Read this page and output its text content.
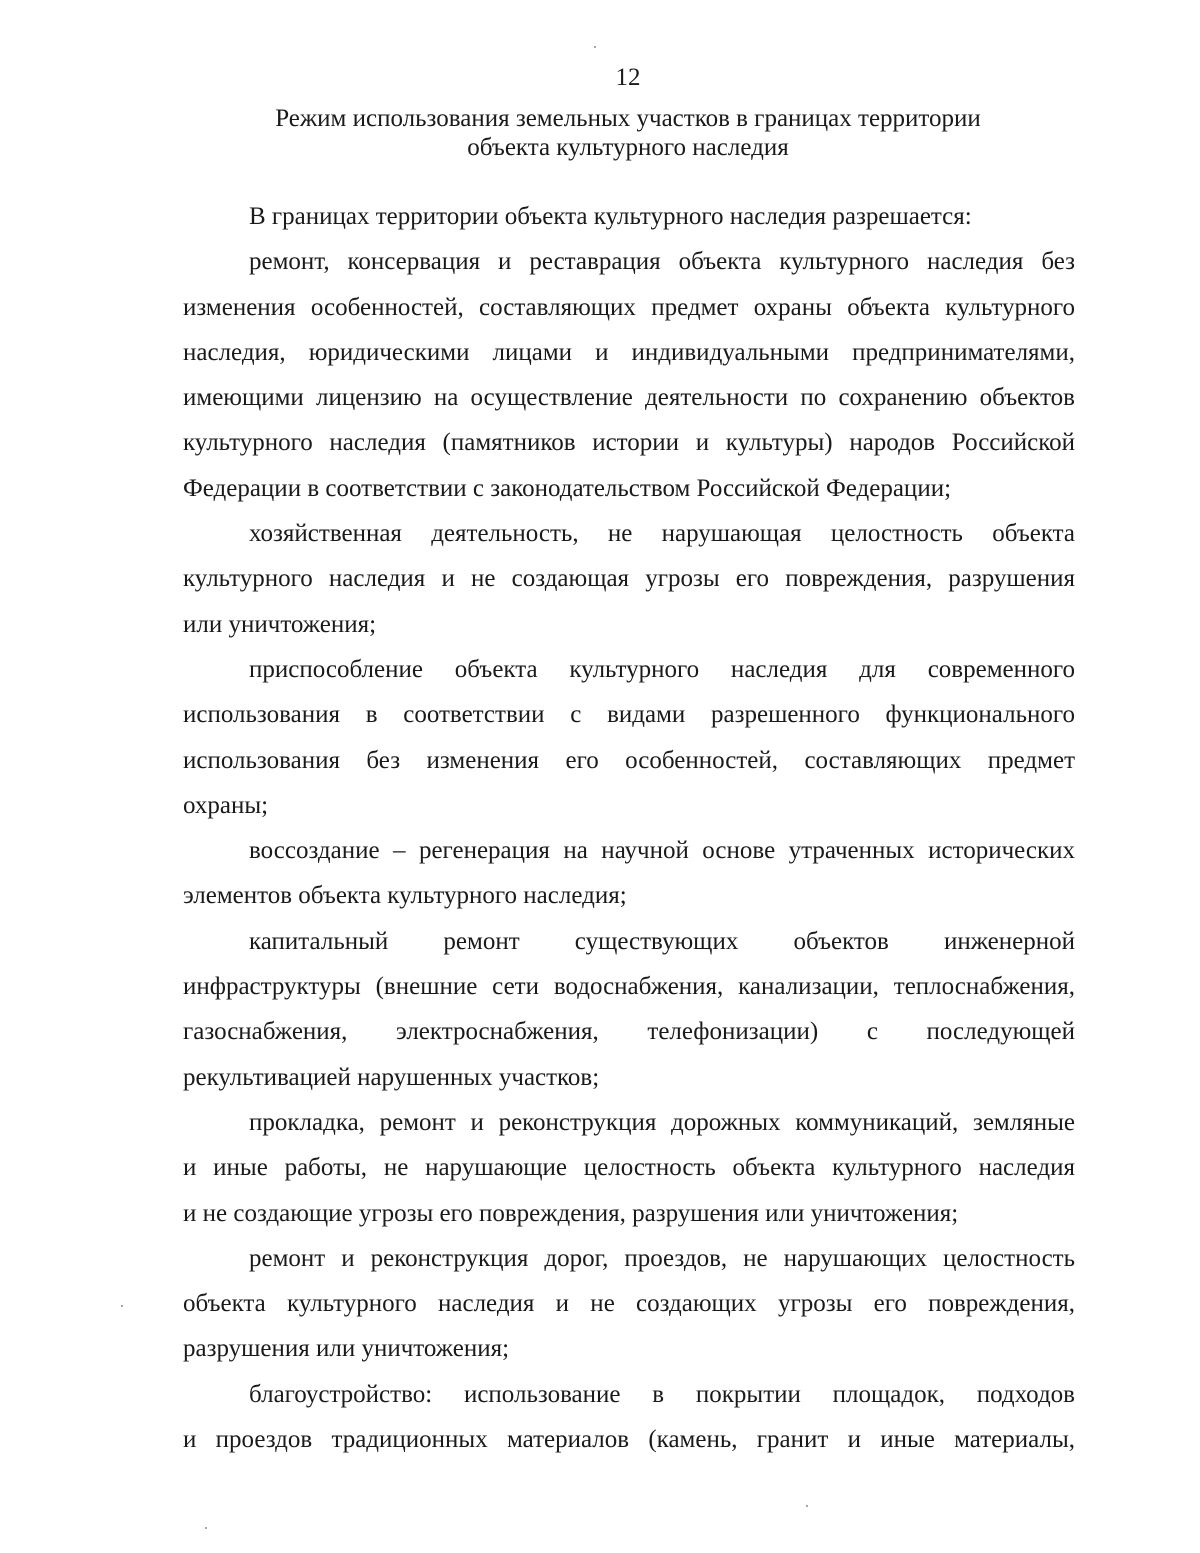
12
Режим использования земельных участков в границах территории
объекта культурного наследия
В границах территории объекта культурного наследия разрешается:
ремонт, консервация и реставрация объекта культурного наследия без
изменения особенностей, составляющих предмет охраны объекта культурного
наследия, юридическими лицами и индивидуальными предпринимателями,
имеющими лицензию на осуществление деятельности по сохранению объектов
культурного наследия (памятников истории и культуры) народов Российской
Федерации в соответствии с законодательством Российской Федерации;
хозяйственная деятельность, не нарушающая целостность объекта
культурного наследия и не создающая угрозы его повреждения, разрушения
или уничтожения;
приспособление объекта культурного наследия для современного
использования в соответствии с видами разрешенного функционального
использования без изменения его особенностей, составляющих предмет
охраны;
воссоздание – регенерация на научной основе утраченных исторических
элементов объекта культурного наследия;
капитальный ремонт существующих объектов инженерной
инфраструктуры (внешние сети водоснабжения, канализации, теплоснабжения,
газоснабжения, электроснабжения, телефонизации) с последующей
рекультивацией нарушенных участков;
прокладка, ремонт и реконструкция дорожных коммуникаций, земляные
и иные работы, не нарушающие целостность объекта культурного наследия
и не создающие угрозы его повреждения, разрушения или уничтожения;
ремонт и реконструкция дорог, проездов, не нарушающих целостность
объекта культурного наследия и не создающих угрозы его повреждения,
разрушения или уничтожения;
благоустройство: использование в покрытии площадок, подходов
и проездов традиционных материалов (камень, гранит и иные материалы,
